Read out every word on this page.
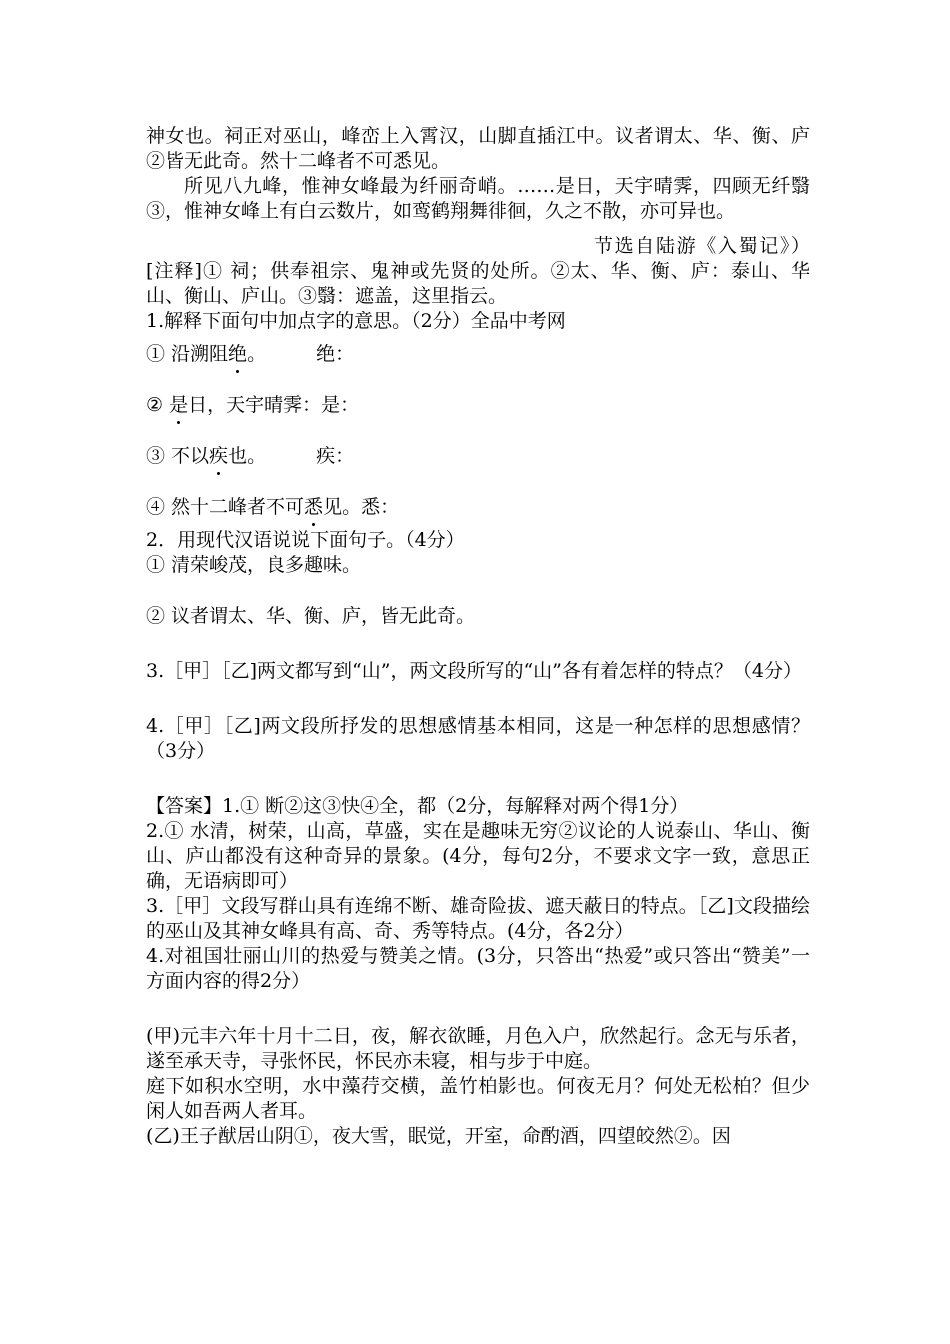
神女也。祠正对巫山，峰峦上入霄汉，山脚直插江中。议者谓太、华、衡、庐②皆无此奇。然十二峰者不可悉见。

所见八九峰，惟神女峰最为纤丽奇峭。……是日，天宇晴霁，四顾无纤翳③，惟神女峰上有白云数片，如鸾鹤翔舞徘徊，久之不散，亦可异也。

节选自陆游《入蜀记》）

[注释]① 祠；供奉祖宗、鬼神或先贤的处所。②太、华、衡、庐：泰山、华山、衡山、庐山。③翳：遮盖，这里指云。

1.解释下面句中加点字的意思。（2分）全品中考网

① 沿溯阻绝。	绝：

② 是日，天宇晴霁：是：

③ 不以疾也。	疾：

④ 然十二峰者不可悉见。悉：

2．用现代汉语说说下面句子。（4分）

① 清荣峻茂，良多趣味。

② 议者谓太、华、衡、庐，皆无此奇。

3.［甲］［乙]两文都写到“山”，两文段所写的“山”各有着怎样的特点？（4分）

4.［甲］［乙]两文段所抒发的思想感情基本相同，这是一种怎样的思想感情？（3分）

【答案】1.① 断②这③快④全，都（2分，每解释对两个得1分）

2.① 水清，树荣，山高，草盛，实在是趣味无穷②议论的人说泰山、华山、衡山、庐山都没有这种奇异的景象。(4分，每句2分，不要求文字一致，意思正确，无语病即可）

3.［甲］文段写群山具有连绵不断、雄奇险拔、遮天蔽日的特点。［乙]文段描绘的巫山及其神女峰具有高、奇、秀等特点。(4分，各2分）

4.对祖国壮丽山川的热爱与赞美之情。(3分，只答出“热爱”或只答出“赞美”一方面内容的得2分）

(甲)元丰六年十月十二日，夜，解衣欲睡，月色入户，欣然起行。念无与乐者，遂至承天寺，寻张怀民，怀民亦未寝，相与步于中庭。

庭下如积水空明，水中藻荇交横，盖竹柏影也。何夜无月？何处无松柏？但少闲人如吾两人者耳。

(乙)王子猷居山阴①，夜大雪，眠觉，开室，命酌酒，四望皎然②。因
